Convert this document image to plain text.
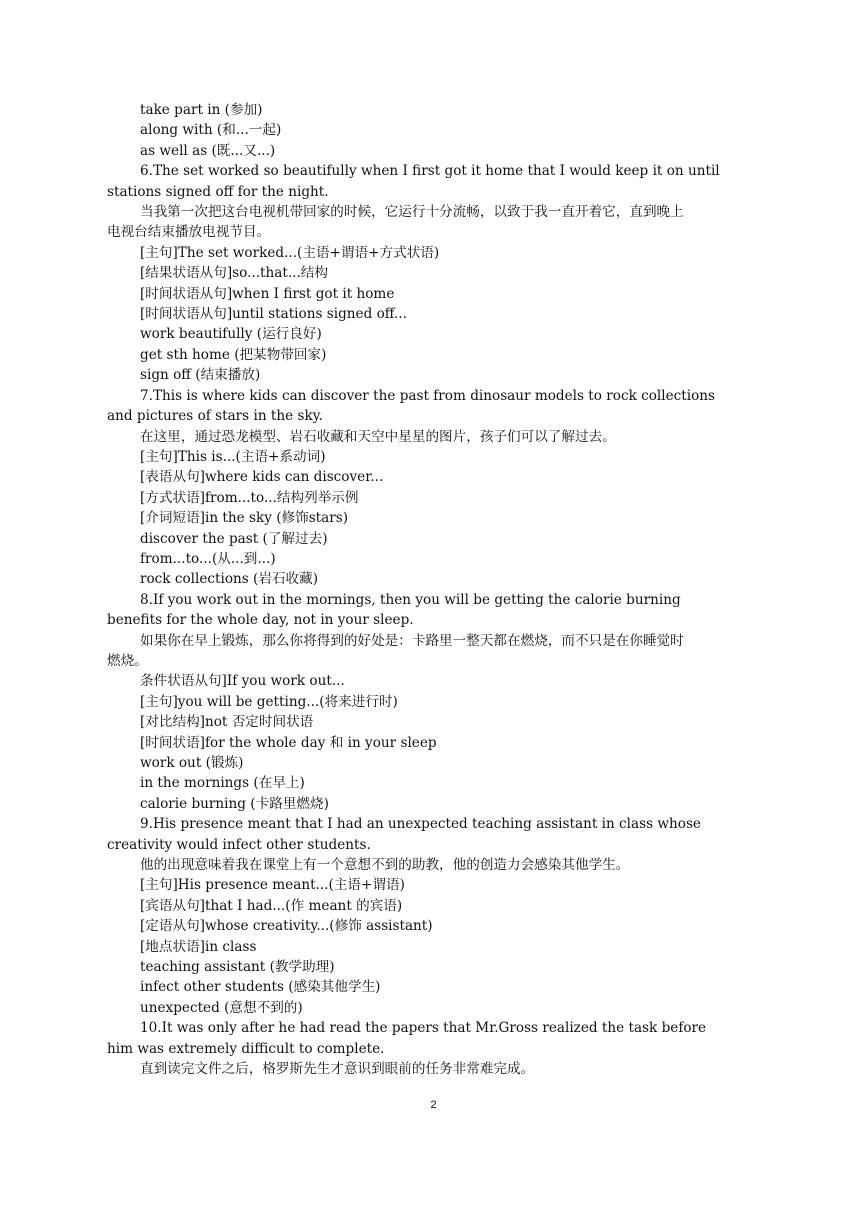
take part in (参加)
along with (和...一起)
as well as (既...又...)
6.The set worked so beautifully when I first got it home that I would keep it on until
stations signed off for the night.
当我第一次把这台电视机带回家的时候，它运行十分流畅，以致于我一直开着它，直到晚上
电视台结束播放电视节目。
[主句]The set worked...(主语+谓语+方式状语)
[结果状语从句]so...that...结构
[时间状语从句]when I first got it home
[时间状语从句]until stations signed off...
work beautifully (运行良好)
get sth home (把某物带回家)
sign off (结束播放)
7.This is where kids can discover the past from dinosaur models to rock collections
and pictures of stars in the sky.
在这里，通过恐龙模型、岩石收藏和天空中星星的图片，孩子们可以了解过去。
[主句]This is...(主语+系动词)
[表语从句]where kids can discover...
[方式状语]from...to...结构列举示例
[介词短语]in the sky (修饰stars)
discover the past (了解过去)
from...to...(从...到...)
rock collections (岩石收藏)
8.If you work out in the mornings, then you will be getting the calorie burning
benefits for the whole day, not in your sleep.
如果你在早上锻炼，那么你将得到的好处是：卡路里一整天都在燃烧，而不只是在你睡觉时
燃烧。
条件状语从句]If you work out...
[主句]you will be getting...(将来进行时)
[对比结构]not 否定时间状语
[时间状语]for the whole day 和 in your sleep
work out (锻炼)
in the mornings (在早上)
calorie burning (卡路里燃烧)
9.His presence meant that I had an unexpected teaching assistant in class whose
creativity would infect other students.
他的出现意味着我在课堂上有一个意想不到的助教，他的创造力会感染其他学生。
[主句]His presence meant...(主语+谓语)
[宾语从句]that I had...(作 meant 的宾语)
[定语从句]whose creativity...(修饰 assistant)
[地点状语]in class
teaching assistant (教学助理)
infect other students (感染其他学生)
unexpected (意想不到的)
10.It was only after he had read the papers that Mr.Gross realized the task before
him was extremely difficult to complete.
直到读完文件之后，格罗斯先生才意识到眼前的任务非常难完成。
2
